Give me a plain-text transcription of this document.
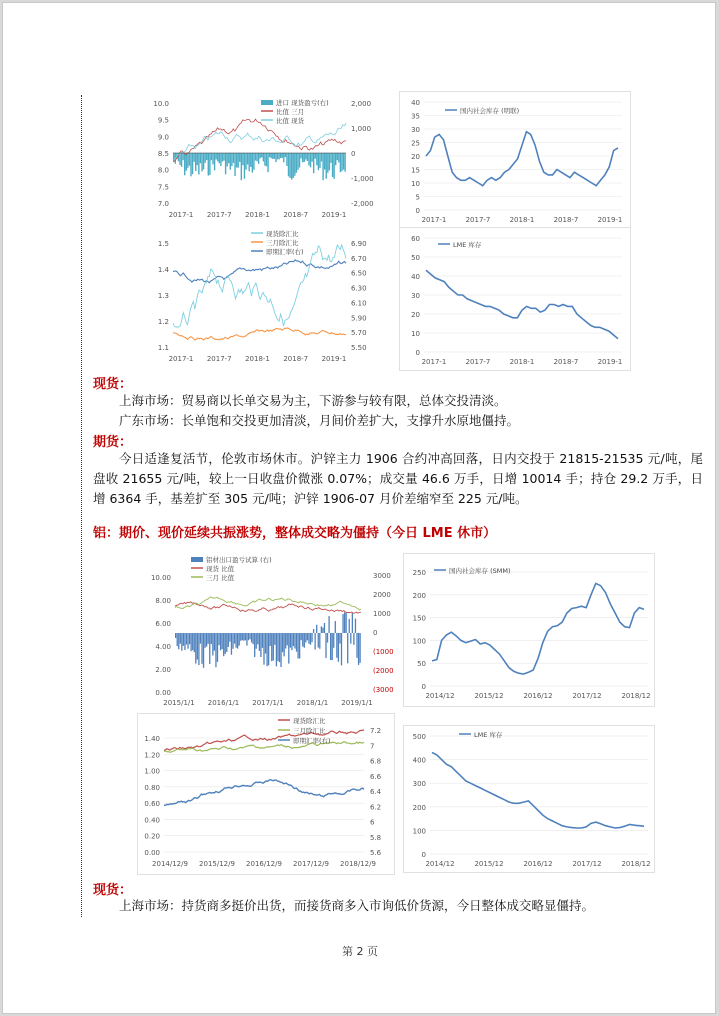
10.0
9.5
9.0
8.5
8.0
7.5
7.0
2,000
1,000
0
-1,000
-2,000
2017-1 2017-7 2018-1 2018-7 2019-1
进口 现货盈亏(右)
比值 三月
比值 现货
40
35
30
25
20
15
10
5
0
2017-1	2017-7	2018-1	2018-7	2019-1
国内社会库存 (明联)
1.5
1.4
1.3
1.2
1.1
6.90
6.70
6.50
6.30
6.10
5.90
5.70
5.50
2017-1 2017-7 2018-1 2018-7 2019-1
现货除汇比
三月除汇比
即期汇率(右)
60
50
40
30
20
10
0
2017-1	2017-7	2018-1	2018-7	2019-1
LME 库存
现货：

上海市场：贸易商以长单交易为主，下游参与较有限，总体交投清淡。

广东市场：长单饱和交投更加清淡，月间价差扩大，支撑升水原地僵持。

期货：

今日适逢复活节，伦敦市场休市。沪锌主力 1906 合约冲高回落，日内交投于 21815-21535 元/吨，尾盘收 21655 元/吨，较上一日收盘价微涨 0.07%；成交量 46.6 万手，日增 10014 手；持仓 29.2 万手，日增 6364 手，基差扩至 305 元/吨；沪锌 1906-07 月价差缩窄至 225 元/吨。

铝：期价、现价延续共振涨势，整体成交略为僵持（今日 LME 休市）
10.00
8.00
6.00
4.00
2.00
0.00
3000
2000
1000
0
(1000
(2000
(3000
2015/1/1 2016/1/1 2017/1/1 2018/1/1 2019/1/1
铝材出口盈亏试算 (右)
现货 比值
三月 比值
250
200
150
100
50
0
2014/12	2015/12	2016/12	2017/12	2018/12
国内社会库存 (SMM)
1.40
1.20
1.00
0.80
0.60
0.40
0.20
0.00
7.2
7
6.8
6.6
6.4
6.2
6
5.8
5.6
2014/12/9 2015/12/9 2016/12/9 2017/12/9 2018/12/9
现货除汇比
三月除汇比
即期汇率(右)	500
400
300
200
100
0
2014/12	2015/12	2016/12	2017/12	2018/12
LME 库存
现货：

上海市场：持货商多挺价出货，而接货商多入市询低价货源，今日整体成交略显僵持。

第 2 页
